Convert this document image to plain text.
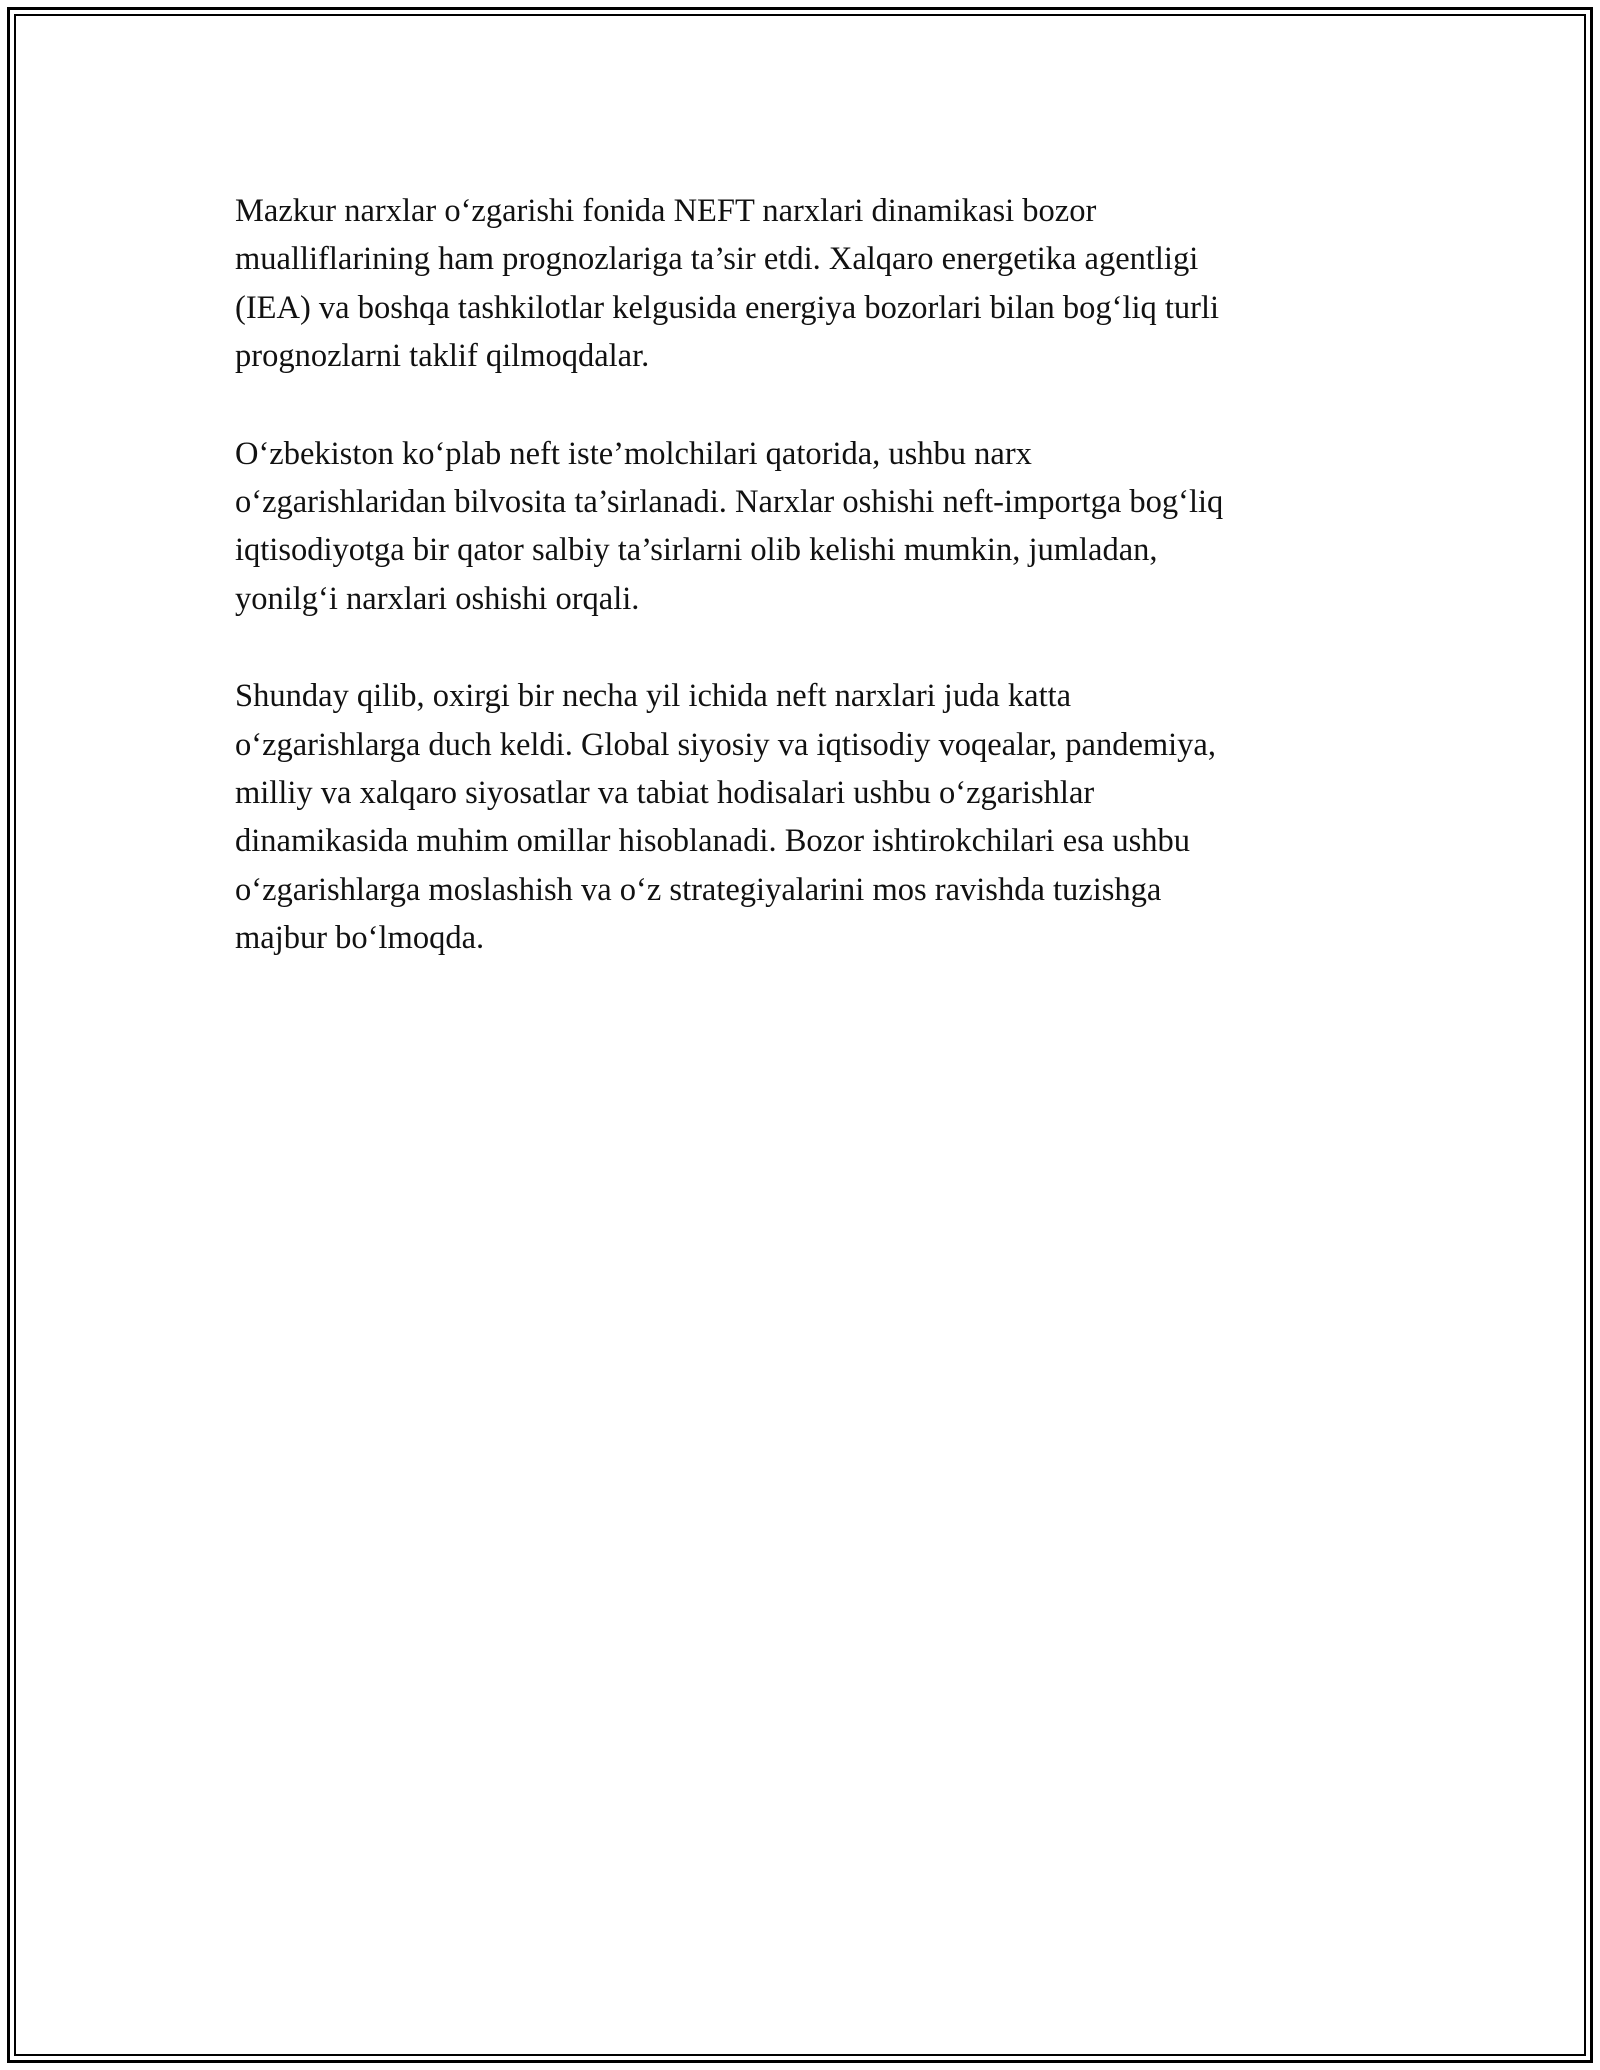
Mazkur narxlar o‘zgarishi fonida NEFT narxlari dinamikasi bozor
mualliflarining ham prognozlariga ta’sir etdi. Xalqaro energetika agentligi
(IEA) va boshqa tashkilotlar kelgusida energiya bozorlari bilan bog‘liq turli
prognozlarni taklif qilmoqdalar.

O‘zbekiston ko‘plab neft iste’molchilari qatorida, ushbu narx
o‘zgarishlaridan bilvosita ta’sirlanadi. Narxlar oshishi neft-importga bog‘liq
iqtisodiyotga bir qator salbiy ta’sirlarni olib kelishi mumkin, jumladan,
yonilg‘i narxlari oshishi orqali.

Shunday qilib, oxirgi bir necha yil ichida neft narxlari juda katta
o‘zgarishlarga duch keldi. Global siyosiy va iqtisodiy voqealar, pandemiya,
milliy va xalqaro siyosatlar va tabiat hodisalari ushbu o‘zgarishlar
dinamikasida muhim omillar hisoblanadi. Bozor ishtirokchilari esa ushbu
o‘zgarishlarga moslashish va o‘z strategiyalarini mos ravishda tuzishga
majbur bo‘lmoqda.
